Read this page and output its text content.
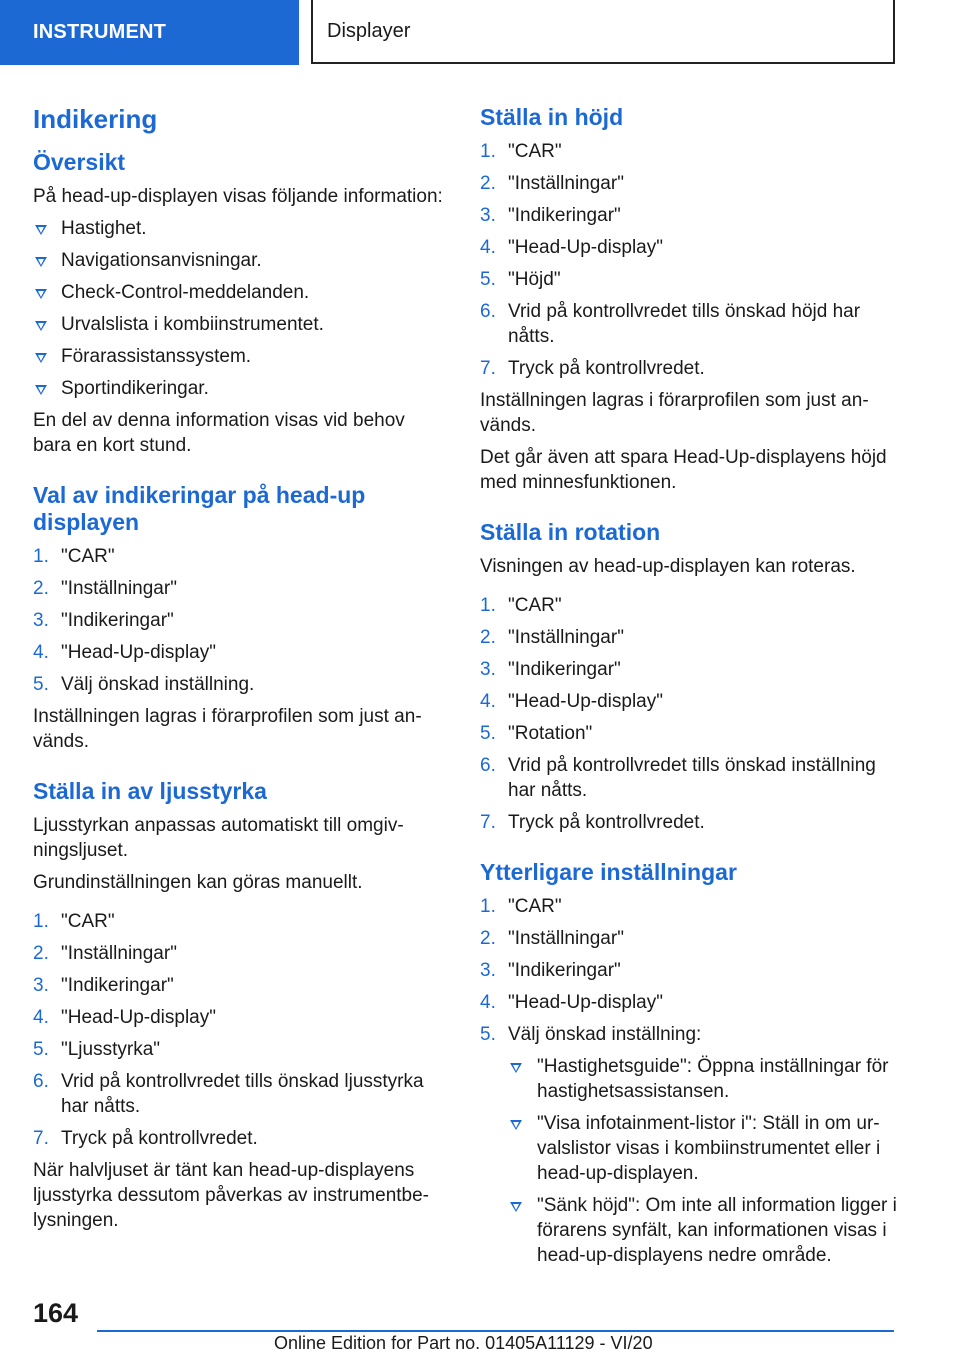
INSTRUMENT	Displayer
Indikering
Översikt

På head-up-displayen visas följande information:

Hastighet.
Navigationsanvisningar.
Check-Control-meddelanden.
Urvalslista i kombiinstrumentet.
Förarassistanssystem.
Sportindikeringar.

En del av denna information visas vid behov bara en kort stund.

Val av indikeringar på head-up displayen
1. "CAR"
2. "Inställningar"
3. "Indikeringar"
4. "Head-Up-display"
5. Välj önskad inställning.

Inställningen lagras i förarprofilen som just används.

Ställa in av ljusstyrka

Ljusstyrkan anpassas automatiskt till omgivningsljuset.

Grundinställningen kan göras manuellt.

1. "CAR"
2. "Inställningar"
3. "Indikeringar"
4. "Head-Up-display"
5. "Ljusstyrka"
6. Vrid på kontrollvredet tills önskad ljusstyrka har nåtts.
7. Tryck på kontrollvredet.

När halvljuset är tänt kan head-up-displayens ljusstyrka dessutom påverkas av instrumentbelysningen.

Ställa in höjd
1. "CAR"
2. "Inställningar"
3. "Indikeringar"
4. "Head-Up-display"
5. "Höjd"
6. Vrid på kontrollvredet tills önskad höjd har nåtts.
7. Tryck på kontrollvredet.

Inställningen lagras i förarprofilen som just används.

Det går även att spara Head-Up-displayens höjd med minnesfunktionen.

Ställa in rotation

Visningen av head-up-displayen kan roteras.

1. "CAR"
2. "Inställningar"
3. "Indikeringar"
4. "Head-Up-display"
5. "Rotation"
6. Vrid på kontrollvredet tills önskad inställning har nåtts.
7. Tryck på kontrollvredet.
Ytterligare inställningar
1. "CAR"
2. "Inställningar"
3. "Indikeringar"
4. "Head-Up-display"
5. Välj önskad inställning:
"Hastighetsguide": Öppna inställningar för hastighetsassistansen.
"Visa infotainment-listor i": Ställ in om urvalslistor visas i kombiinstrumentet eller i head-up-displayen.
"Sänk höjd": Om inte all information ligger i förarens synfält, kan informationen visas i head-up-displayens nedre område.
164
Online Edition for Part no. 01405A11129 - VI/20
